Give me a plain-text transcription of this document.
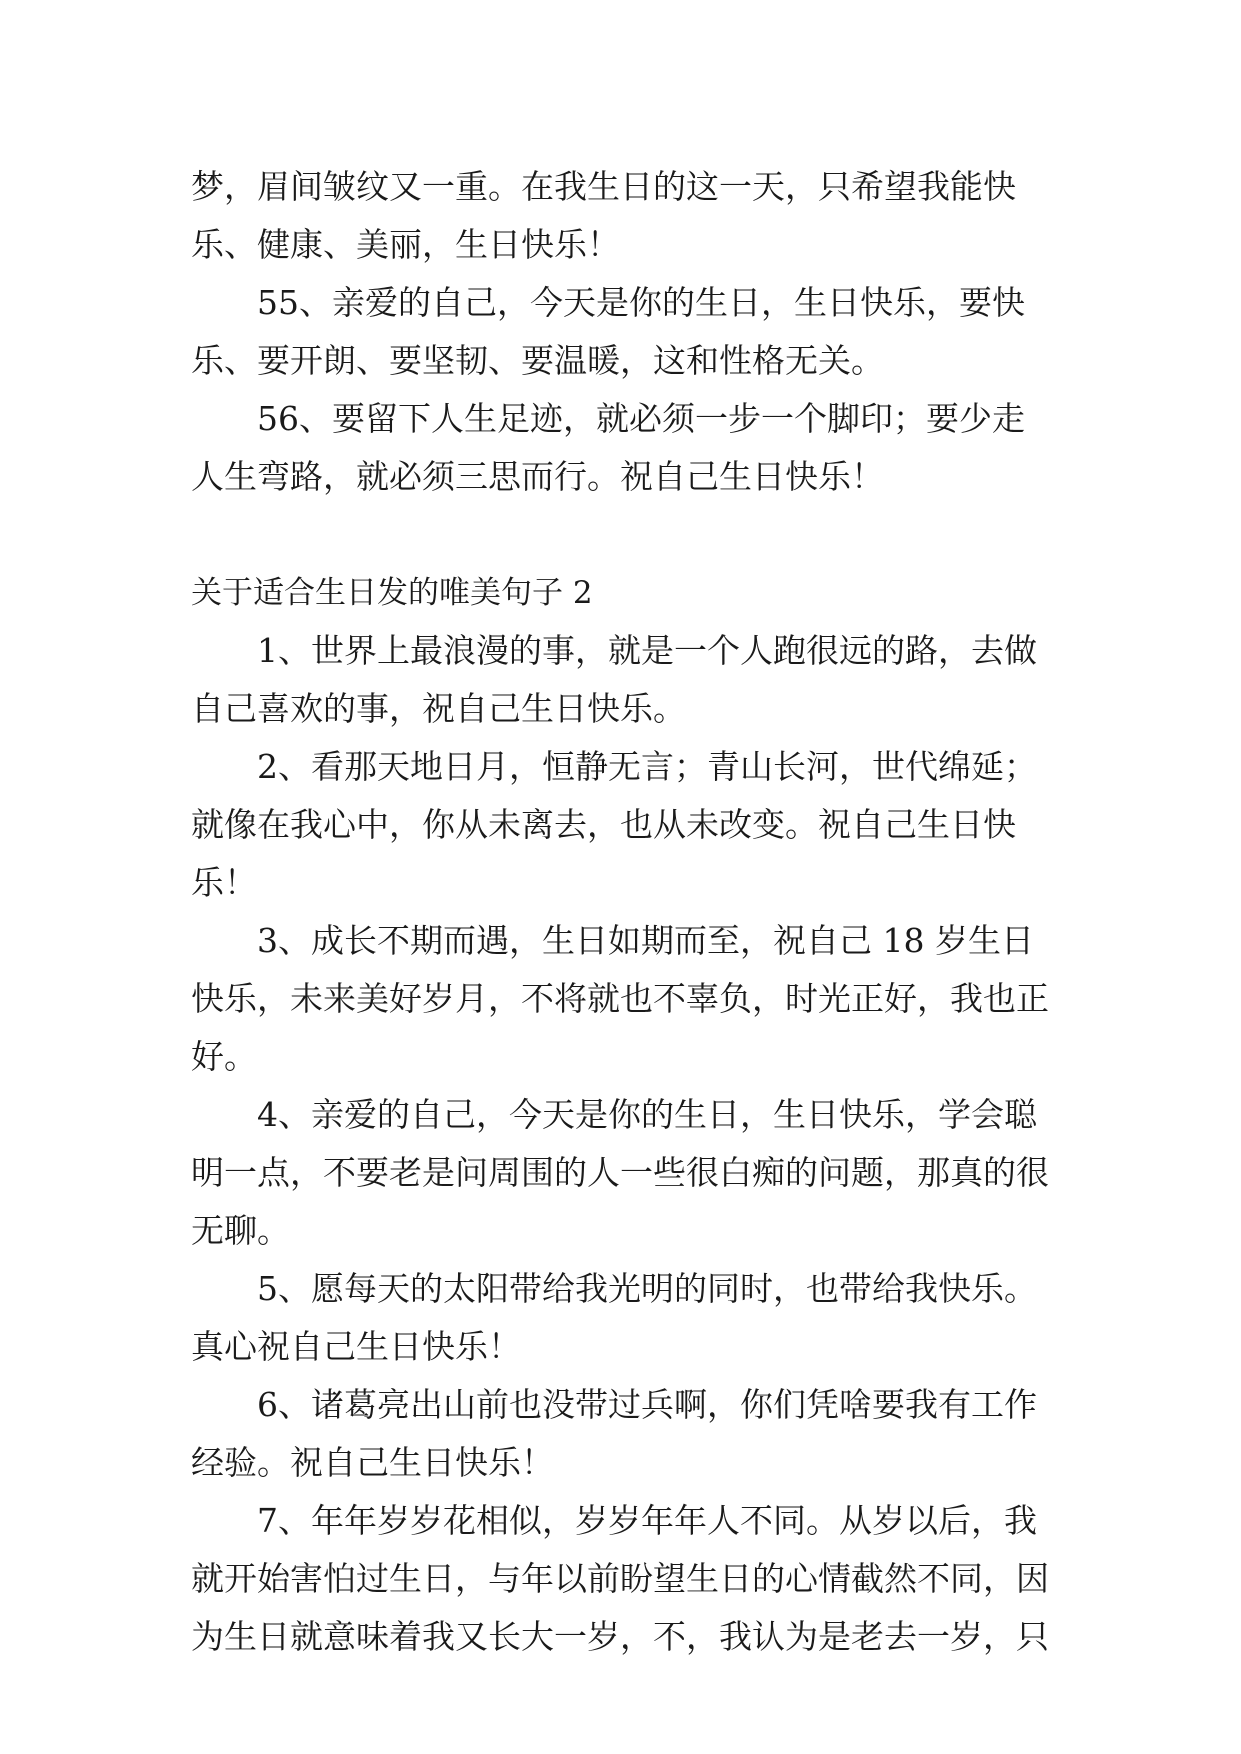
梦，眉间皱纹又一重。在我生日的这一天，只希望我能快乐、健康、美丽，生日快乐！

55、亲爱的自己，今天是你的生日，生日快乐，要快乐、要开朗、要坚韧、要温暖，这和性格无关。

56、要留下人生足迹，就必须一步一个脚印；要少走人生弯路，就必须三思而行。祝自己生日快乐！

关于适合生日发的唯美句子 2

1、世界上最浪漫的事，就是一个人跑很远的路，去做自己喜欢的事，祝自己生日快乐。

2、看那天地日月，恒静无言；青山长河，世代绵延；就像在我心中，你从未离去，也从未改变。祝自己生日快乐！

3、成长不期而遇，生日如期而至，祝自己 18 岁生日快乐，未来美好岁月，不将就也不辜负，时光正好，我也正好。

4、亲爱的自己，今天是你的生日，生日快乐，学会聪明一点，不要老是问周围的人一些很白痴的问题，那真的很无聊。

5、愿每天的太阳带给我光明的同时，也带给我快乐。真心祝自己生日快乐！

6、诸葛亮出山前也没带过兵啊，你们凭啥要我有工作经验。祝自己生日快乐！

7、年年岁岁花相似，岁岁年年人不同。从岁以后，我就开始害怕过生日，与年以前盼望生日的心情截然不同，因为生日就意味着我又长大一岁，不，我认为是老去一岁，只
